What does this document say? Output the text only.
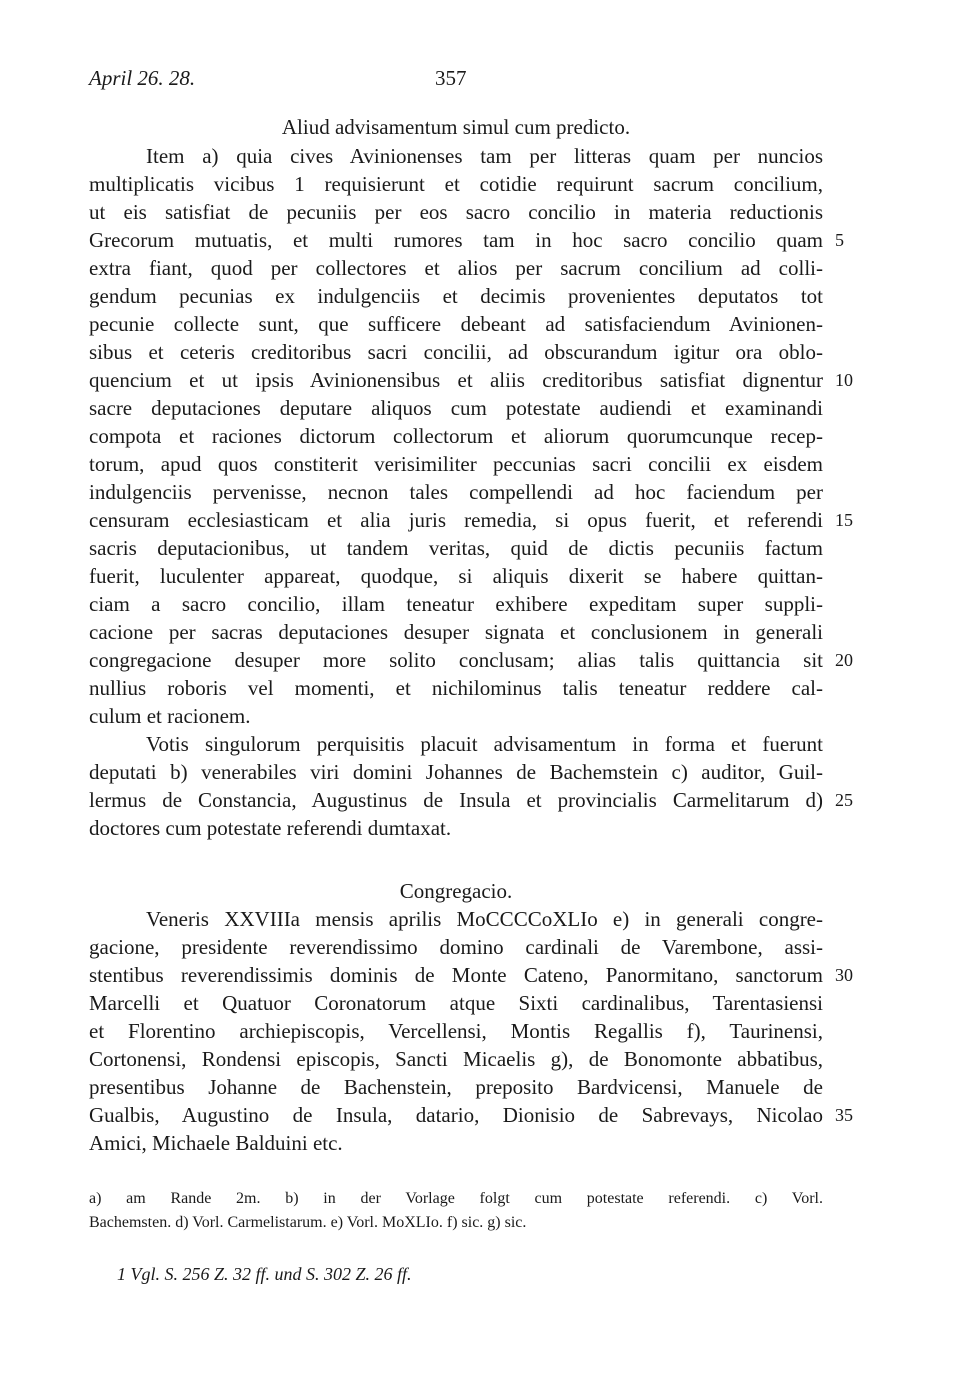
April 26. 28.	357
Aliud advisamentum simul cum predicto.
Item a) quia cives Avinionenses tam per litteras quam per nuncios
multiplicatis vicibus 1 requisierunt et cotidie requirunt sacrum concilium,
ut eis satisfiat de pecuniis per eos sacro concilio in materia reductionis
Grecorum mutuatis, et multi rumores tam in hoc sacro concilio quam
extra fiant, quod per collectores et alios per sacrum concilium ad colli-
gendum pecunias ex indulgenciis et decimis provenientes deputatos tot
pecunie collecte sunt, que sufficere debeant ad satisfaciendum Avinionen-
sibus et ceteris creditoribus sacri concilii, ad obscurandum igitur ora oblo-
quencium et ut ipsis Avinionensibus et aliis creditoribus satisfiat dignentur
sacre deputaciones deputare aliquos cum potestate audiendi et examinandi
compota et raciones dictorum collectorum et aliorum quorumcunque recep-
torum, apud quos constiterit verisimiliter peccunias sacri concilii ex eisdem
indulgenciis pervenisse, necnon tales compellendi ad hoc faciendum per
censuram ecclesiasticam et alia juris remedia, si opus fuerit, et referendi
sacris deputacionibus, ut tandem veritas, quid de dictis pecuniis factum
fuerit, luculenter appareat, quodque, si aliquis dixerit se habere quittan-
ciam a sacro concilio, illam teneatur exhibere expeditam super suppli-
cacione per sacras deputaciones desuper signata et conclusionem in generali
congregacione desuper more solito conclusam; alias talis quittancia sit
nullius roboris vel momenti, et nichilominus talis teneatur reddere cal-
culum et racionem.
Votis singulorum perquisitis placuit advisamentum in forma et fuerunt
deputati b) venerabiles viri domini Johannes de Bachemstein c) auditor, Guil-
lermus de Constancia, Augustinus de Insula et provincialis Carmelitarum d)
doctores cum potestate referendi dumtaxat.
Congregacio.
Veneris XXVIIIa mensis aprilis MoCCCCoXLIo e) in generali congre-
gacione, presidente reverendissimo domino cardinali de Varembone, assi-
stentibus reverendissimis dominis de Monte Cateno, Panormitano, sanctorum
Marcelli et Quatuor Coronatorum atque Sixti cardinalibus, Tarentasiensi
et Florentino archiepiscopis, Vercellensi, Montis Regallis f), Taurinensi,
Cortonensi, Rondensi episcopis, Sancti Micaelis g), de Bonomonte abbatibus,
presentibus Johanne de Bachenstein, preposito Bardvicensi, Manuele de
Gualbis, Augustino de Insula, datario, Dionisio de Sabrevays, Nicolao
Amici, Michaele Balduini etc.
5
10
15
20
25
30
35
a) am Rande 2m. b) in der Vorlage folgt cum potestate referendi. c) Vorl.
Bachemsten. d) Vorl. Carmelistarum. e) Vorl. MoXLIo. f) sic. g) sic.
1 Vgl. S. 256 Z. 32 ff. und S. 302 Z. 26 ff.
